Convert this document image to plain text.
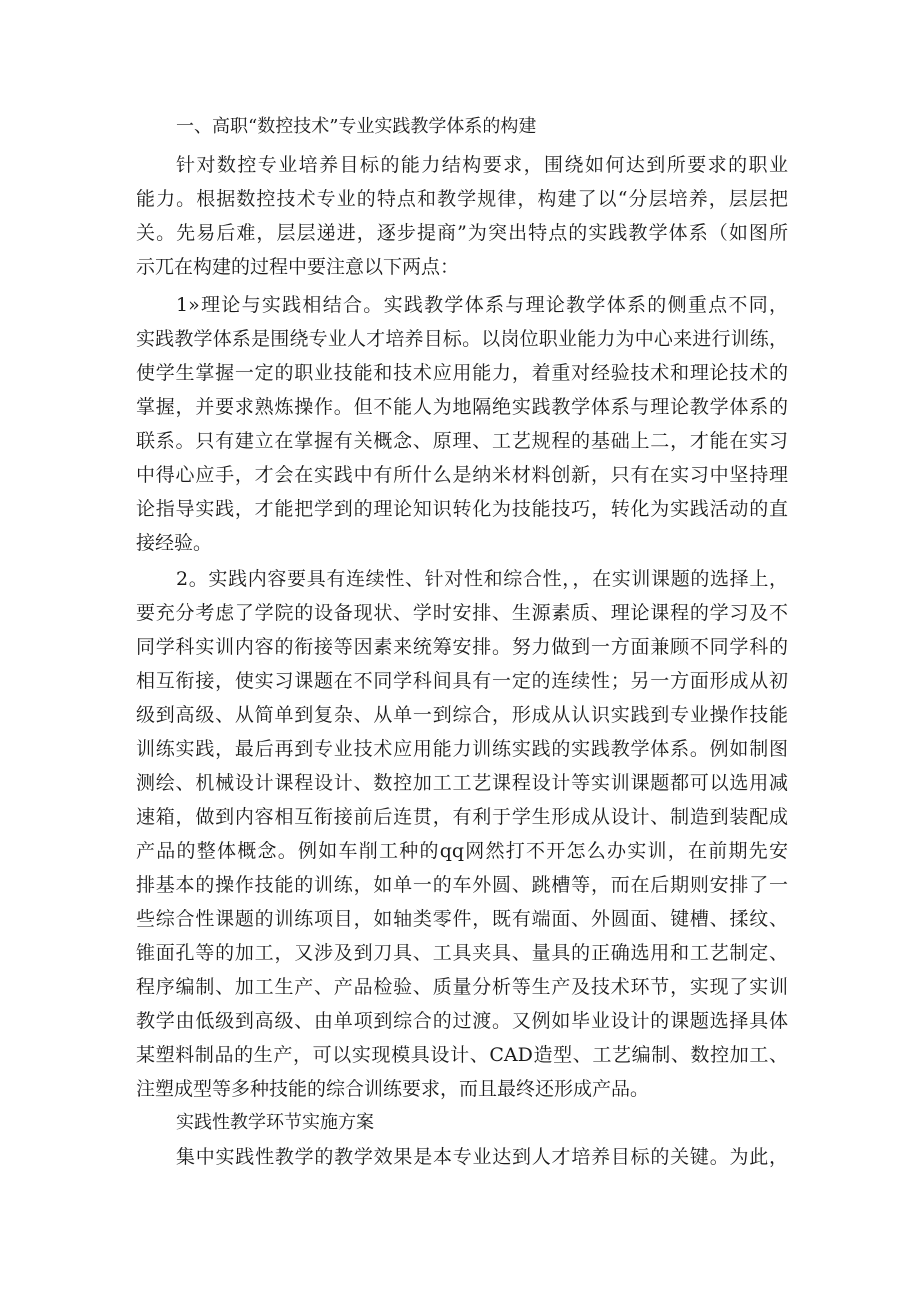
一、高职“数控技术”专业实践教学体系的构建
针对数控专业培养目标的能力结构要求，围绕如何达到所要求的职业
能力。根据数控技术专业的特点和教学规律，构建了以“分层培养，层层把
关。先易后难，层层递进，逐步提商”为突出特点的实践教学体系（如图所
示兀在构建的过程中要注意以下两点：
1»理论与实践相结合。实践教学体系与理论教学体系的侧重点不同，
实践教学体系是围绕专业人才培养目标。以岗位职业能力为中心来进行训练，
使学生掌握一定的职业技能和技术应用能力，着重对经验技术和理论技术的
掌握，并要求熟炼操作。但不能人为地隔绝实践教学体系与理论教学体系的
联系。只有建立在掌握有关概念、原理、工艺规程的基础上二，才能在实习
中得心应手，才会在实践中有所什么是纳米材料创新，只有在实习中坚持理
论指导实践，才能把学到的理论知识转化为技能技巧，转化为实践活动的直
接经验。
2。实践内容要具有连续性、针对性和综合性，，在实训课题的选择上，
要充分考虑了学院的设备现状、学时安排、生源素质、理论课程的学习及不
同学科实训内容的衔接等因素来统筹安排。努力做到一方面兼顾不同学科的
相互衔接，使实习课题在不同学科间具有一定的连续性；另一方面形成从初
级到高级、从简单到复杂、从单一到综合，形成从认识实践到专业操作技能
训练实践，最后再到专业技术应用能力训练实践的实践教学体系。例如制图
测绘、机械设计课程设计、数控加工工艺课程设计等实训课题都可以选用减
速箱，做到内容相互衔接前后连贯，有利于学生形成从设计、制造到装配成
产品的整体概念。例如车削工种的qq网然打不开怎么办实训，在前期先安
排基本的操作技能的训练，如单一的车外圆、跳槽等，而在后期则安排了一
些综合性课题的训练项目，如轴类零件，既有端面、外圆面、键槽、揉纹、
锥面孔等的加工，又涉及到刀具、工具夹具、量具的正确选用和工艺制定、
程序编制、加工生产、产品检验、质量分析等生产及技术环节，实现了实训
教学由低级到高级、由单项到综合的过渡。又例如毕业设计的课题选择具体
某塑料制品的生产，可以实现模具设计、CAD造型、工艺编制、数控加工、
注塑成型等多种技能的综合训练要求，而且最终还形成产品。
实践性教学环节实施方案
集中实践性教学的教学效果是本专业达到人才培养目标的关键。为此，
